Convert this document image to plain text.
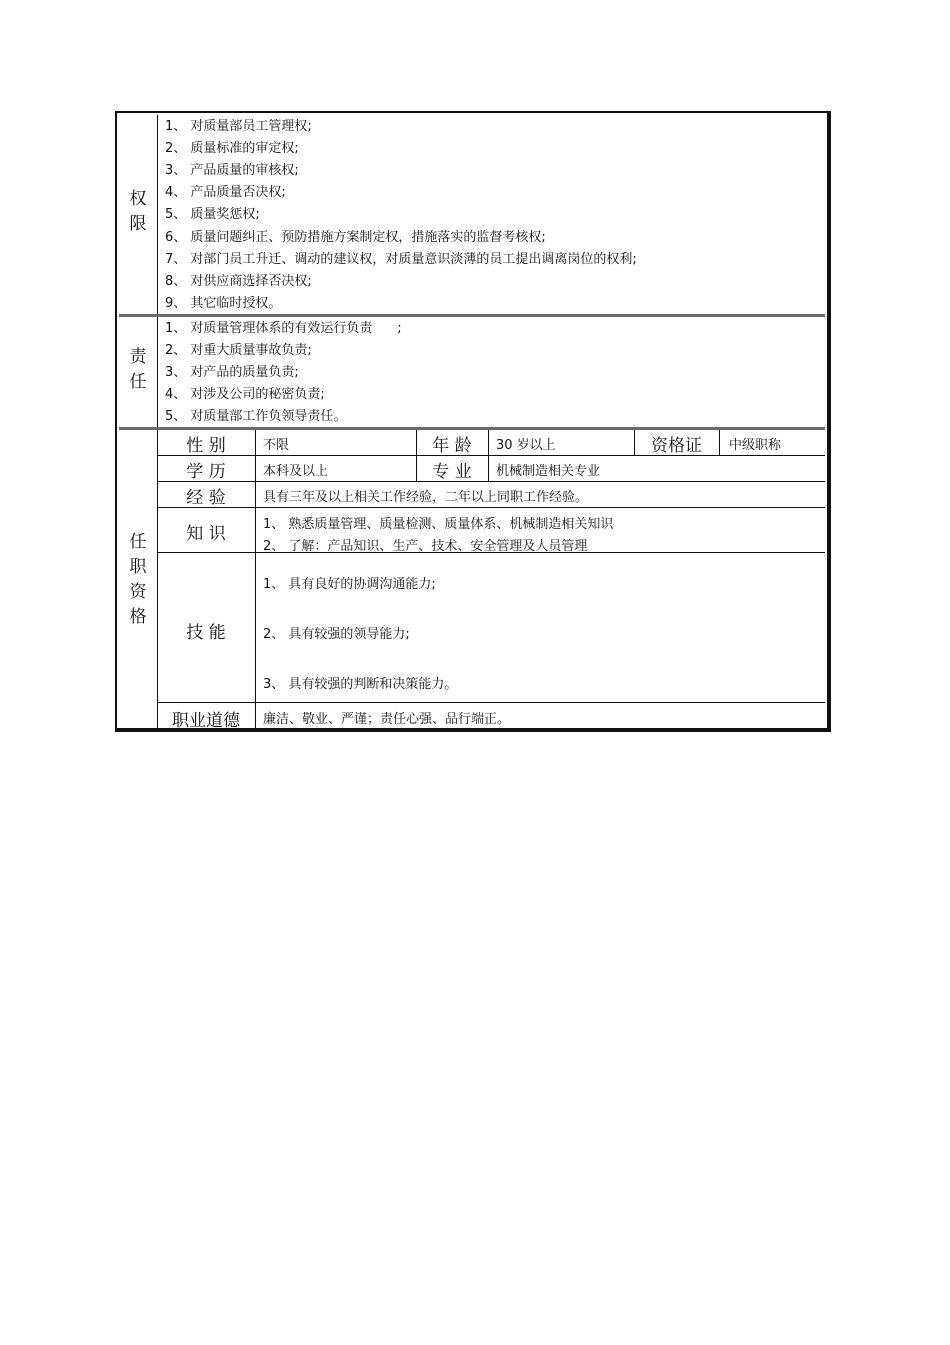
权限
1、 对质量部员工管理权;
2、 质量标准的审定权;
3、 产品质量的审核权;
4、 产品质量否决权;
5、 质量奖惩权;
6、 质量问题纠正、预防措施方案制定权，措施落实的监督考核权;
7、 对部门员工升迁、调动的建议权，对质量意识淡薄的员工提出调离岗位的权利;
8、 对供应商选择否决权;
9、 其它临时授权。
责任
1、 对质量管理体系的有效运行负责      ;
2、 对重大质量事故负责;
3、 对产品的质量负责;
4、 对涉及公司的秘密负责;
5、 对质量部工作负领导责任。
任职资格
性 别	不限	年 龄	30 岁以上	资格证	中级职称
学 历	本科及以上	专 业	机械制造相关专业
经 验	具有三年及以上相关工作经验，二年以上同职工作经验。
知 识	1、 熟悉质量管理、质量检测、质量体系、机械制造相关知识
2、 了解：产品知识、生产、技术、安全管理及人员管理
技 能
1、 具有良好的协调沟通能力;
2、 具有较强的领导能力;
3、 具有较强的判断和决策能力。
职业道德	廉洁、敬业、严谨；责任心强、品行端正。
